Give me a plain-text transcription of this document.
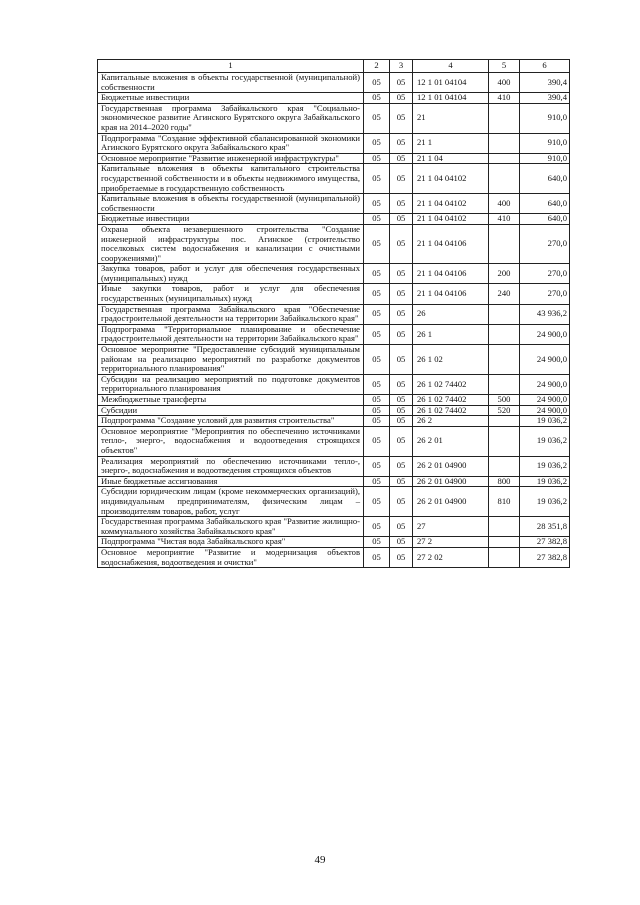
1	2	3	4	5	6
Капитальные вложения в объекты государственной (муниципальной) собственности	05	05	12 1 01 04104	400	390,4
Бюджетные инвестиции	05	05	12 1 01 04104	410	390,4
Государственная программа Забайкальского края "Социально-экономическое развитие Агинского Бурятского округа Забайкальского края на 2014–2020 годы"	05	05	21		910,0
Подпрограмма "Создание эффективной сбалансированной экономики Агинского Бурятского округа Забайкальского края"	05	05	21 1		910,0
Основное мероприятие "Развитие инженерной инфраструктуры"	05	05	21 1 04		910,0
Капитальные вложения в объекты капитального строительства государственной собственности и в объекты недвижимого имущества, приобретаемые в государственную собственность	05	05	21 1 04 04102		640,0
Капитальные вложения в объекты государственной (муниципальной) собственности	05	05	21 1 04 04102	400	640,0
Бюджетные инвестиции	05	05	21 1 04 04102	410	640,0
Охрана объекта незавершенного строительства "Создание инженерной инфраструктуры пос. Агинское (строительство поселковых систем водоснабжения и канализации с очистными сооружениями)"	05	05	21 1 04 04106		270,0
Закупка товаров, работ и услуг для обеспечения государственных (муниципальных) нужд	05	05	21 1 04 04106	200	270,0
Иные закупки товаров, работ и услуг для обеспечения государственных (муниципальных) нужд	05	05	21 1 04 04106	240	270,0
Государственная программа Забайкальского края "Обеспечение градостроительной деятельности на территории Забайкальского края"	05	05	26		43 936,2
Подпрограмма "Территориальное планирование и обеспечение градостроительной деятельности на территории Забайкальского края"	05	05	26 1		24 900,0
Основное мероприятие "Предоставление субсидий муниципальным районам на реализацию мероприятий по разработке документов территориального планирования"	05	05	26 1 02		24 900,0
Субсидии на реализацию мероприятий по подготовке документов территориального планирования	05	05	26 1 02 74402		24 900,0
Межбюджетные трансферты	05	05	26 1 02 74402	500	24 900,0
Субсидии	05	05	26 1 02 74402	520	24 900,0
Подпрограмма "Создание условий для развития строительства"	05	05	26 2		19 036,2
Основное мероприятие "Мероприятия по обеспечению источниками тепло-, энерго-, водоснабжения и водоотведения строящихся объектов"	05	05	26 2 01		19 036,2
Реализация мероприятий по обеспечению источниками тепло-, энерго-, водоснабжения и водоотведения строящихся объектов	05	05	26 2 01 04900		19 036,2
Иные бюджетные ассигнования	05	05	26 2 01 04900	800	19 036,2
Субсидии юридическим лицам (кроме некоммерческих организаций), индивидуальным предпринимателям, физическим лицам – производителям товаров, работ, услуг	05	05	26 2 01 04900	810	19 036,2
Государственная программа Забайкальского края "Развитие жилищно-коммунального хозяйства Забайкальского края"	05	05	27		28 351,8
Подпрограмма "Чистая вода Забайкальского края"	05	05	27 2		27 382,8
Основное мероприятие "Развитие и модернизация объектов водоснабжения, водоотведения и очистки"	05	05	27 2 02		27 382,8
49
